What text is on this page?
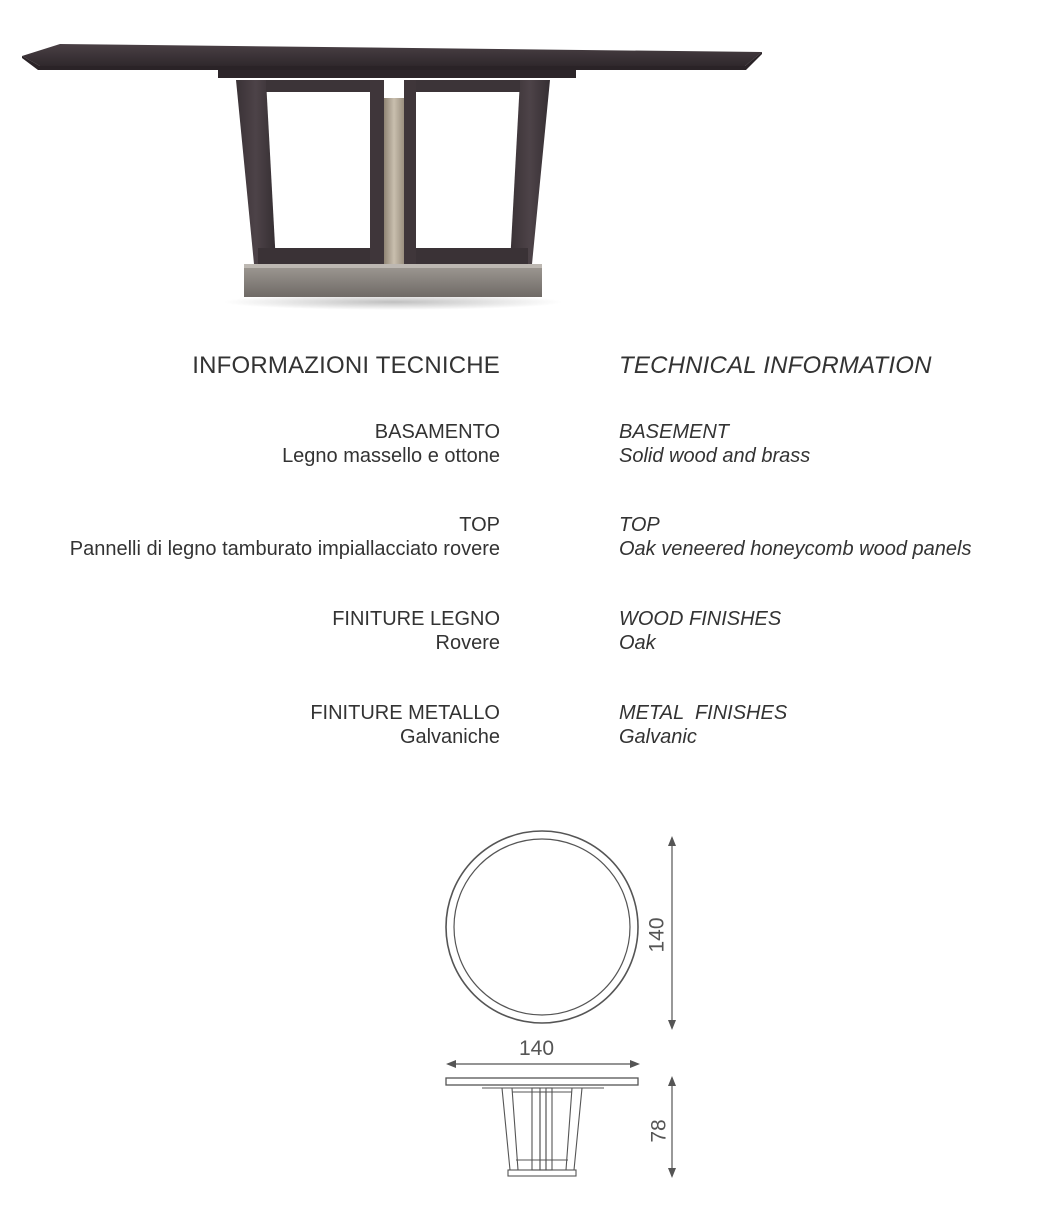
INFORMAZIONI TECNICHE	TECHNICAL INFORMATION
BASAMENTO
Legno massello e ottone
BASEMENT
Solid wood and brass
TOP
Pannelli di legno tamburato impiallacciato rovere
TOP
Oak veneered honeycomb wood panels
FINITURE LEGNO
Rovere
WOOD FINISHES
Oak
FINITURE METALLO
Galvaniche
METAL  FINISHES
Galvanic
140
140
78
